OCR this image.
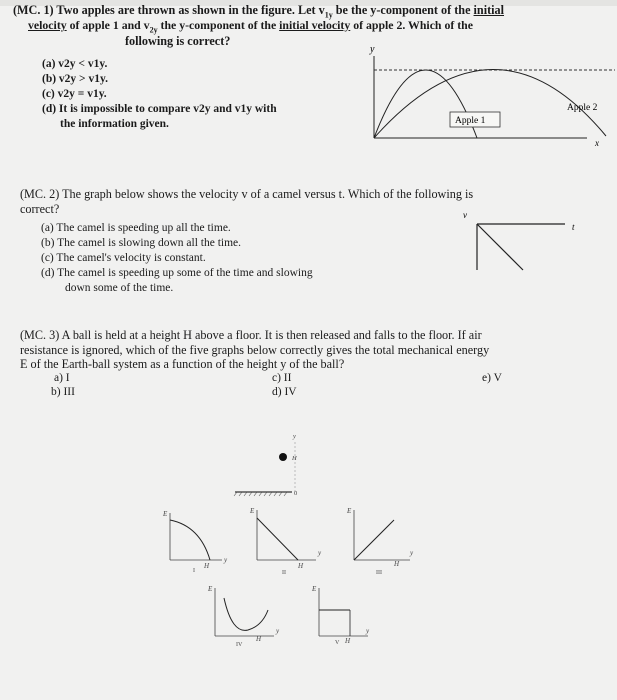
(MC. 1) Two apples are thrown as shown in the figure. Let $v_{1y}$ be the y-component of the initial
velocity of apple 1 and $v_{2y}$ the y-component of the initial velocity of apple 2. Which of the
following is correct?
(a) v2y < v1y.
(b) v2y > v1y.
(c) v2y = v1y.
(d) It is impossible to compare v2y and v1y with
the information given.
y
Apple 1
Apple 2
x
(MC. 2) The graph below shows the velocity v of a camel versus t. Which of the following is
correct?
(a) The camel is speeding up all the time.
(b) The camel is slowing down all the time.
(c) The camel's velocity is constant.
(d) The camel is speeding up some of the time and slowing
down some of the time.
v
t
(MC. 3) A ball is held at a height H above a floor. It is then released and falls to the floor. If air
resistance is ignored, which of the five graphs below correctly gives the total mechanical energy
E of the Earth-ball system as a function of the height y of the ball?
a) I
b) III
c) II
d) IV
e) V
y
H
0
E
H
y
I
E
H
y
II
E
H
y
III
E
H
y
IV
E
H
y
V
